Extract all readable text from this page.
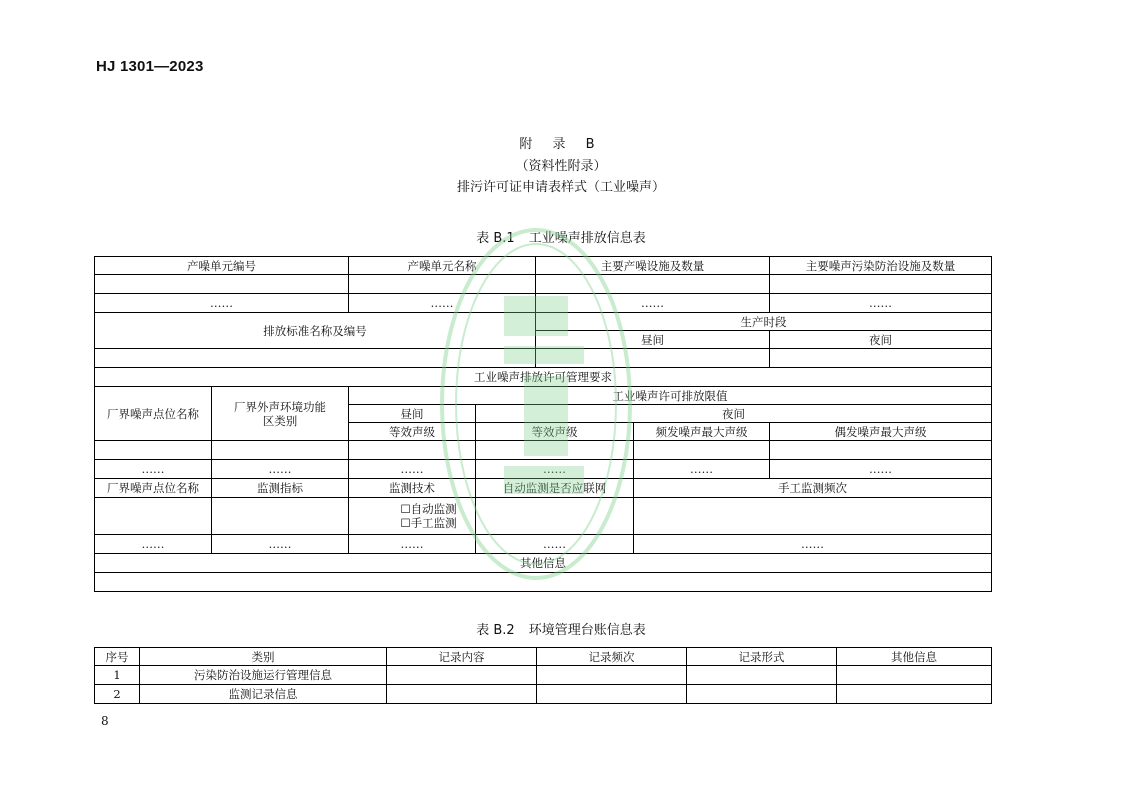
HJ 1301—2023
附 录 B
（资料性附录）
排污许可证申请表样式（工业噪声）
表 B.1 工业噪声排放信息表
产噪单元编号		产噪单元名称		主要产噪设施及数量		主要噪声污染防治设施及数量

……		……		……		……
排放标准名称及编号				生产时段		
				昼间		夜间

工业噪声排放许可管理要求						
厂界噪声点位名称	厂界外声环境功能区类别	工业噪声许可排放限值				
		昼间	夜间			
		等效声级	等效声级		频发噪声最大声级	偶发噪声最大声级

……	……	……	……		……	……
厂界噪声点位名称	监测指标	监测技术	自动监测是否应联网		手工监测频次	

		☐自动监测
☐手工监测				

……	……	……	……		……	
其他信息						

表 B.2 环境管理台账信息表
序号	类别	记录内容	记录频次	记录形式	其他信息
1	污染防治设施运行管理信息				
2	监测记录信息				
8
